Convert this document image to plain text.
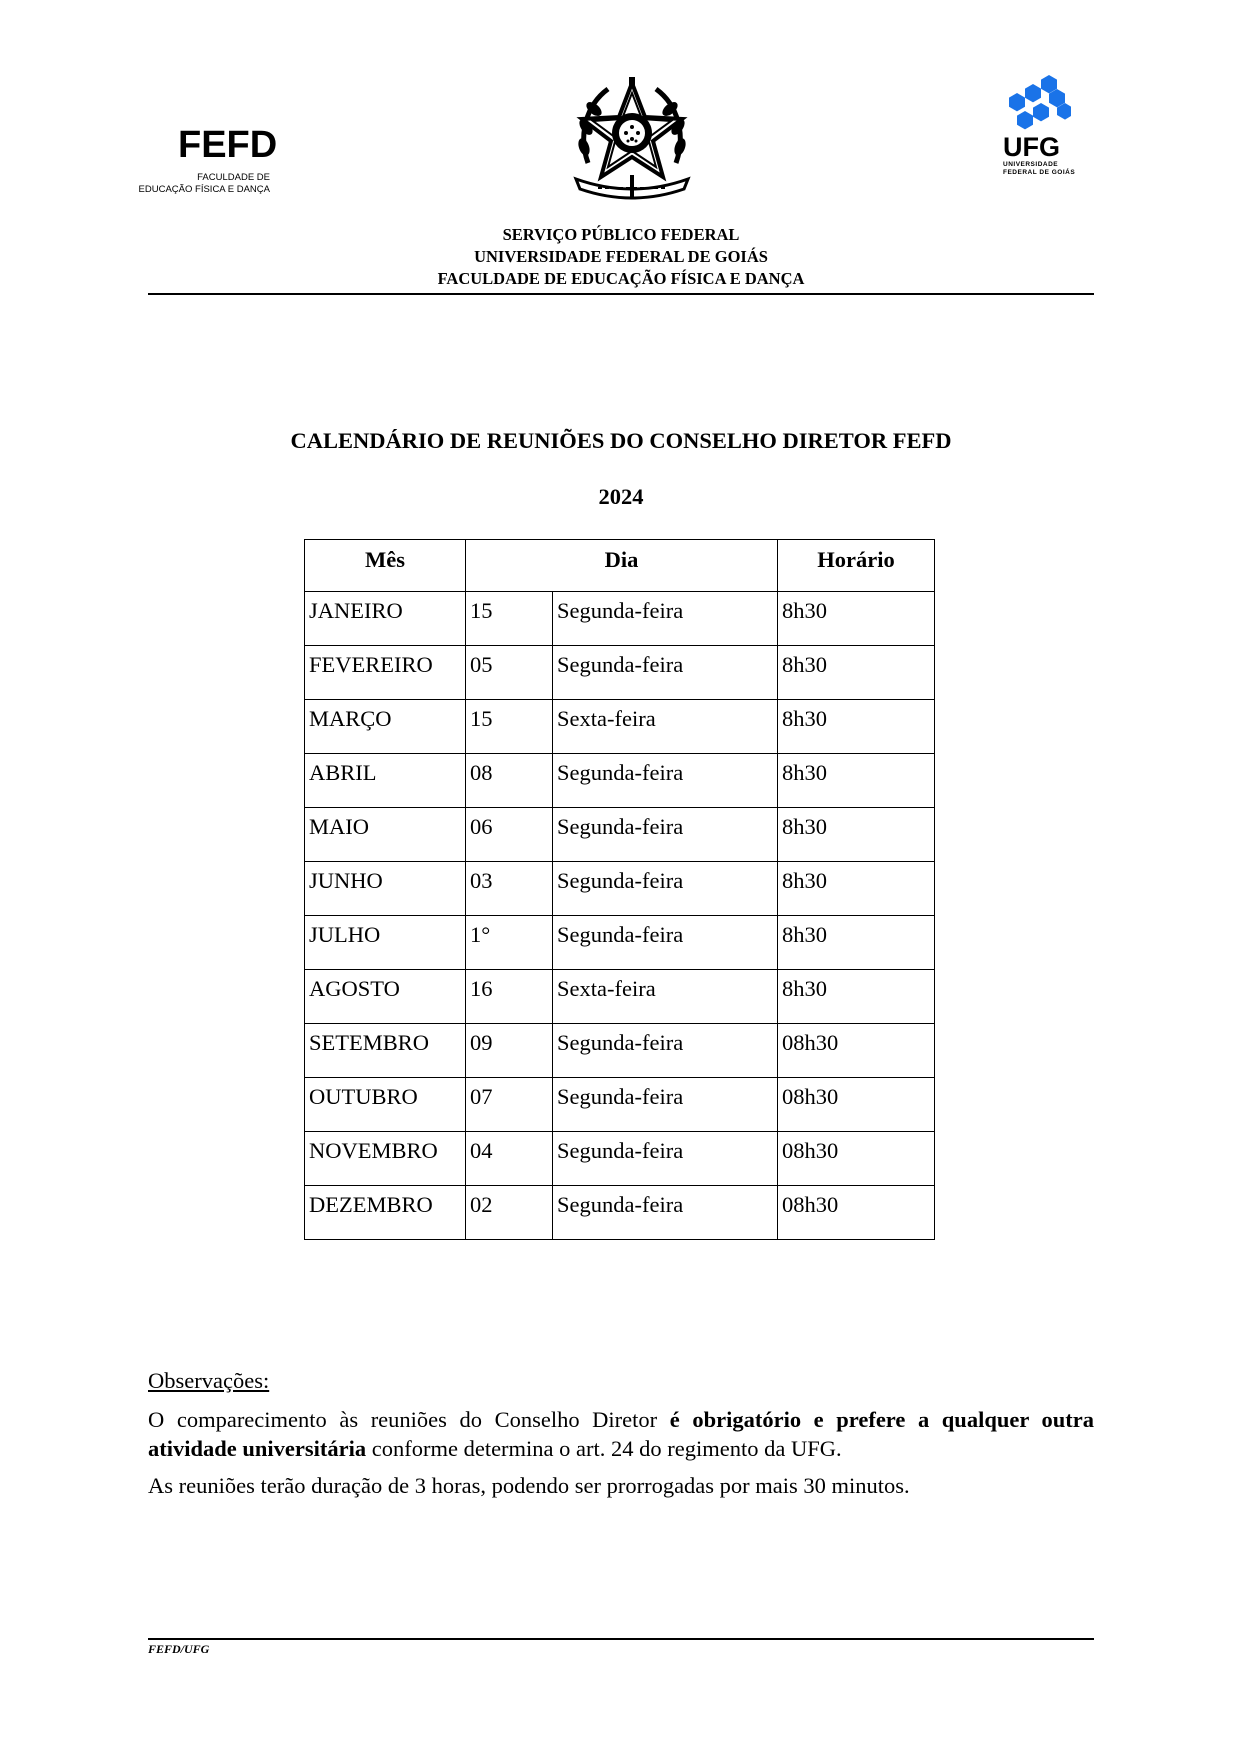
FEFD
FACULDADE DE
EDUCAÇÃO FÍSICA E DANÇA
UFG
UNIVERSIDADE
FEDERAL DE GOIÁS
SERVIÇO PÚBLICO FEDERAL
UNIVERSIDADE FEDERAL DE GOIÁS
FACULDADE DE EDUCAÇÃO FÍSICA E DANÇA
CALENDÁRIO DE REUNIÕES DO CONSELHO DIRETOR FEFD
2024
Mês	Dia		Horário
JANEIRO	15	Segunda-feira	8h30
FEVEREIRO	05	Segunda-feira	8h30
MARÇO	15	Sexta-feira	8h30
ABRIL	08	Segunda-feira	8h30
MAIO	06	Segunda-feira	8h30
JUNHO	03	Segunda-feira	8h30
JULHO	1°	Segunda-feira	8h30
AGOSTO	16	Sexta-feira	8h30
SETEMBRO	09	Segunda-feira	08h30
OUTUBRO	07	Segunda-feira	08h30
NOVEMBRO	04	Segunda-feira	08h30
DEZEMBRO	02	Segunda-feira	08h30
Observações:

O comparecimento às reuniões do Conselho Diretor é obrigatório e prefere a qualquer outra atividade universitária conforme determina o art. 24 do regimento da UFG.

As reuniões terão duração de 3 horas, podendo ser prorrogadas por mais 30 minutos.

FEFD/UFG
